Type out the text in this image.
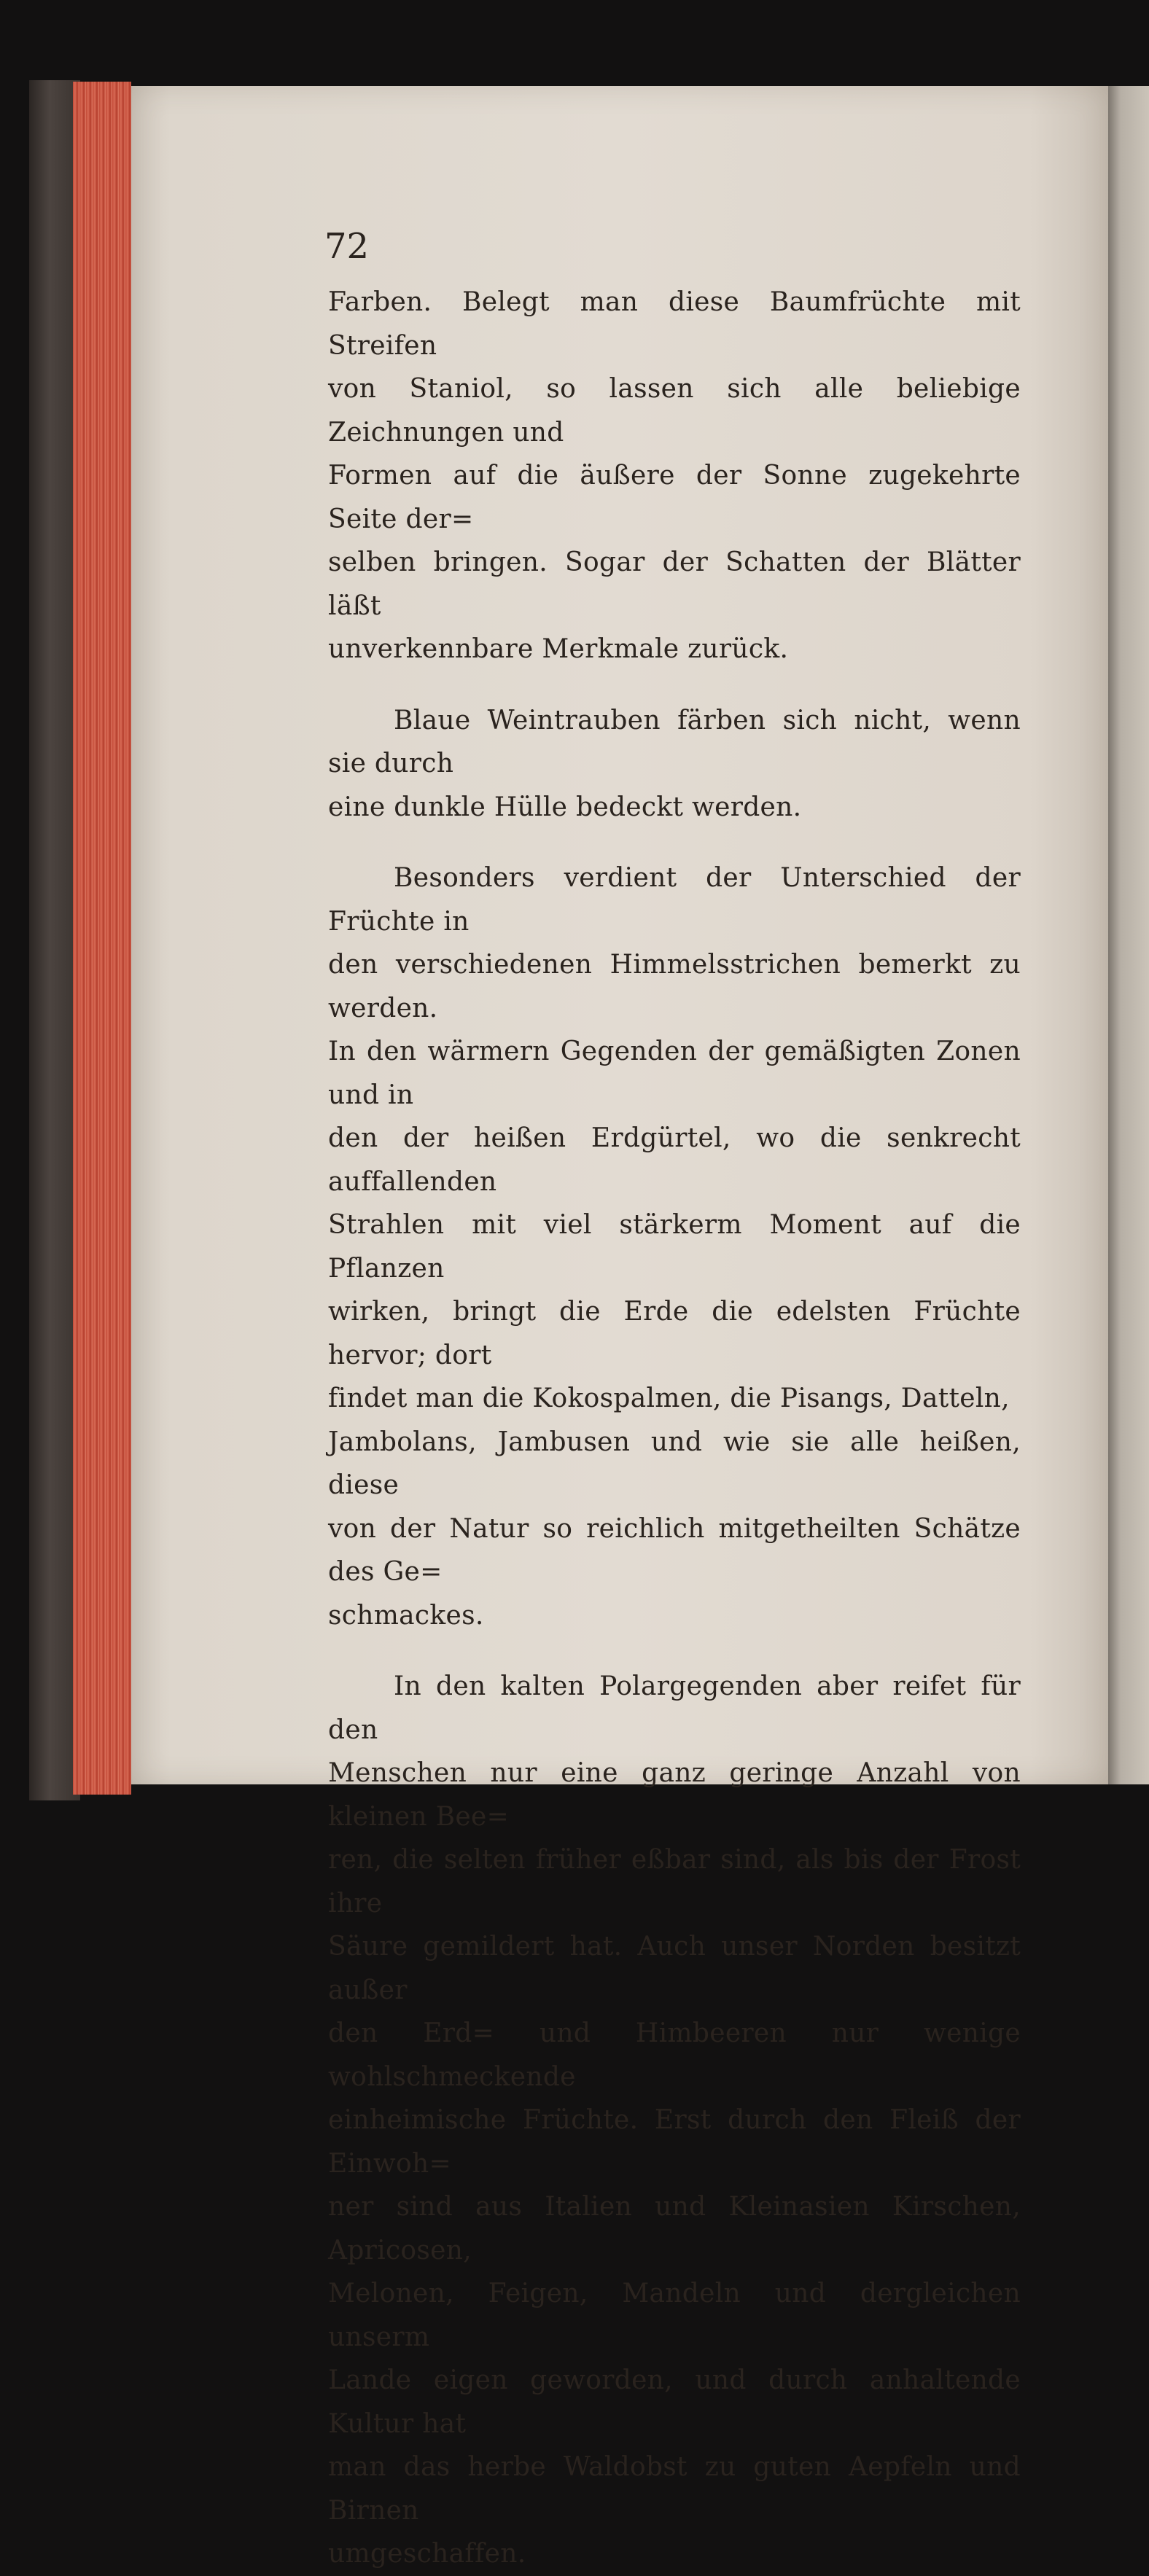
72

Farben. Belegt man diese Baumfrüchte mit Streifen

von Staniol, so lassen sich alle beliebige Zeichnungen und

Formen auf die äußere der Sonne zugekehrte Seite der=

selben bringen. Sogar der Schatten der Blätter läßt

unverkennbare Merkmale zurück.

Blaue Weintrauben färben sich nicht, wenn sie durch

eine dunkle Hülle bedeckt werden.

Besonders verdient der Unterschied der Früchte in

den verschiedenen Himmelsstrichen bemerkt zu werden.

In den wärmern Gegenden der gemäßigten Zonen und in

den der heißen Erdgürtel, wo die senkrecht auffallenden

Strahlen mit viel stärkerm Moment auf die Pflanzen

wirken, bringt die Erde die edelsten Früchte hervor; dort

findet man die Kokospalmen, die Pisangs, Datteln,

Jambolans, Jambusen und wie sie alle heißen, diese

von der Natur so reichlich mitgetheilten Schätze des Ge=

schmackes.

In den kalten Polargegenden aber reifet für den

Menschen nur eine ganz geringe Anzahl von kleinen Bee=

ren, die selten früher eßbar sind, als bis der Frost ihre

Säure gemildert hat. Auch unser Norden besitzt außer

den Erd= und Himbeeren nur wenige wohlschmeckende

einheimische Früchte. Erst durch den Fleiß der Einwoh=

ner sind aus Italien und Kleinasien Kirschen, Apricosen,

Melonen, Feigen, Mandeln und dergleichen unserm

Lande eigen geworden, und durch anhaltende Kultur hat

man das herbe Waldobst zu guten Aepfeln und Birnen

umgeschaffen.
